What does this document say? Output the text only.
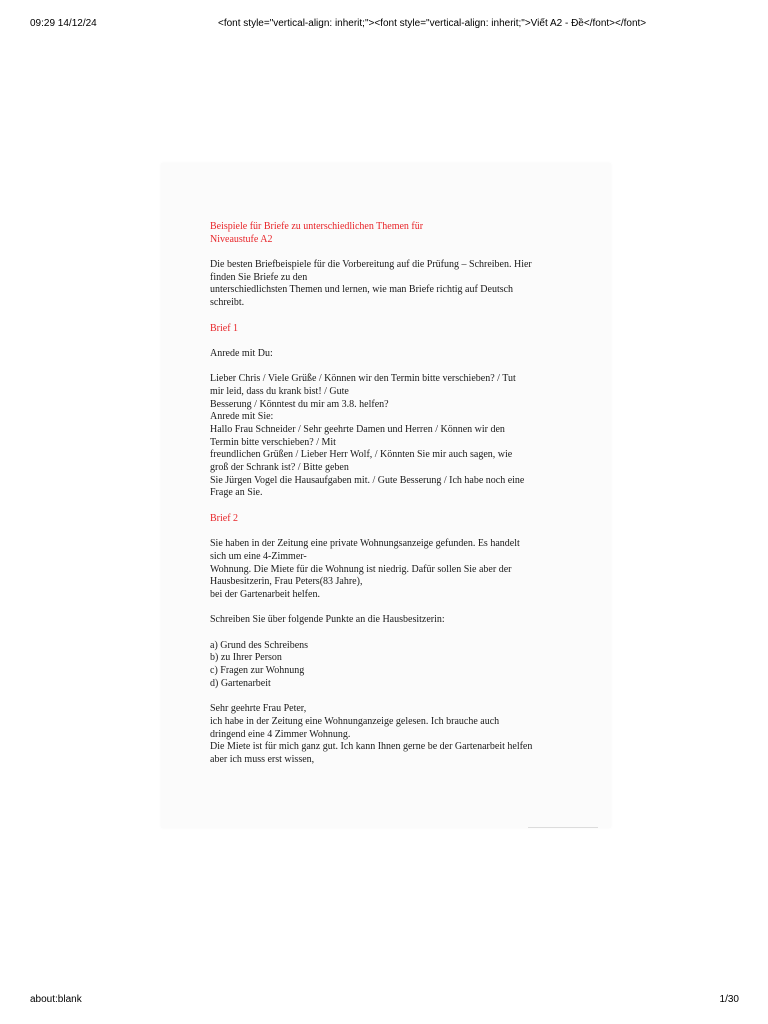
09:29 14/12/24	<font style="vertical-align: inherit;"><font style="vertical-align: inherit;">Viết A2 - Đề</font></font>
Beispiele für Briefe zu unterschiedlichen Themen für
Niveaustufe A2
Die besten Briefbeispiele für die Vorbereitung auf die Prüfung – Schreiben. Hier
finden Sie Briefe zu den
unterschiedlichsten Themen und lernen, wie man Briefe richtig auf Deutsch
schreibt.
Brief 1
Anrede mit Du:
Lieber Chris / Viele Grüße / Können wir den Termin bitte verschieben? / Tut
mir leid, dass du krank bist! / Gute
Besserung / Könntest du mir am 3.8. helfen?
Anrede mit Sie:
Hallo Frau Schneider / Sehr geehrte Damen und Herren / Können wir den
Termin bitte verschieben? / Mit
freundlichen Grüßen / Lieber Herr Wolf, / Könnten Sie mir auch sagen, wie
groß der Schrank ist? / Bitte geben
Sie Jürgen Vogel die Hausaufgaben mit. / Gute Besserung / Ich habe noch eine
Frage an Sie.
Brief 2
Sie haben in der Zeitung eine private Wohnungsanzeige gefunden. Es handelt
sich um eine 4-Zimmer-
Wohnung. Die Miete für die Wohnung ist niedrig. Dafür sollen Sie aber der
Hausbesitzerin, Frau Peters(83 Jahre),
bei der Gartenarbeit helfen.
Schreiben Sie über folgende Punkte an die Hausbesitzerin:
a) Grund des Schreibens
b) zu Ihrer Person
c) Fragen zur Wohnung
d) Gartenarbeit
Sehr geehrte Frau Peter,
ich habe in der Zeitung eine Wohnunganzeige gelesen. Ich brauche auch
dringend eine 4 Zimmer Wohnung.
Die Miete ist für mich ganz gut. Ich kann Ihnen gerne be der Gartenarbeit helfen
aber ich muss erst wissen,
about:blank	1/30
